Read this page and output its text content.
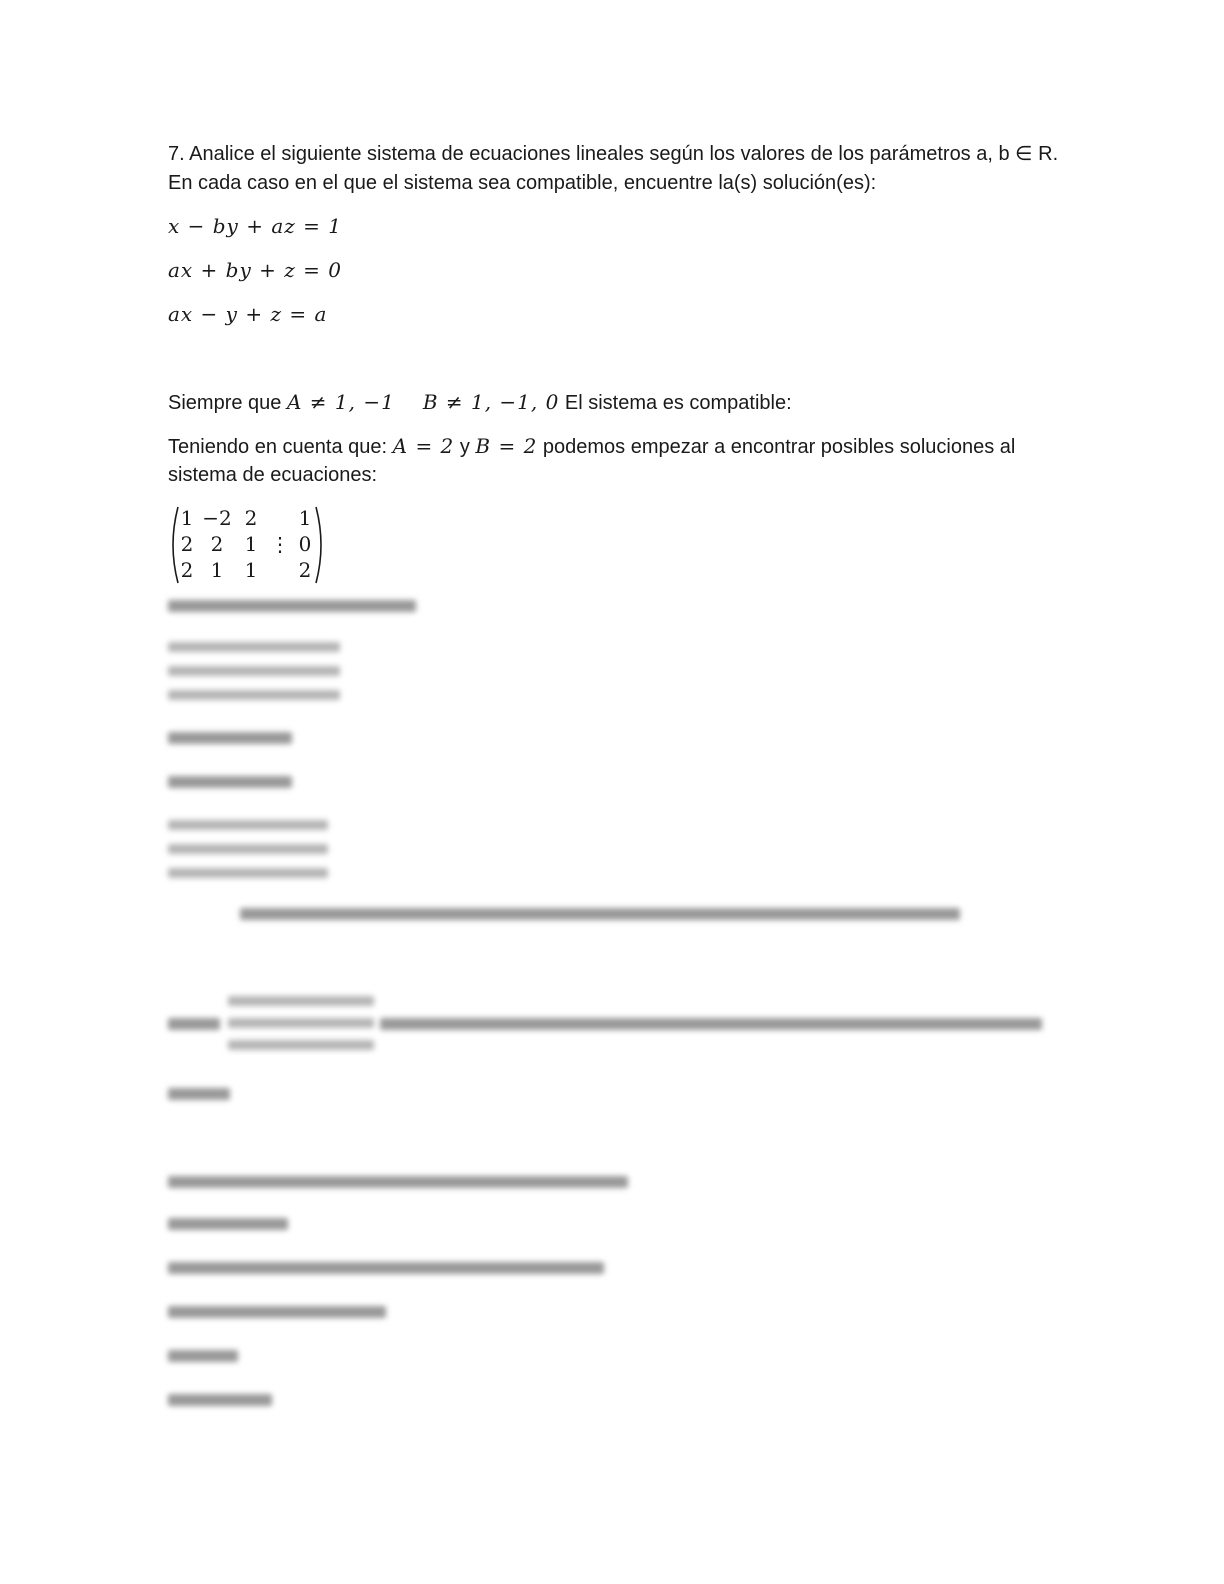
7. Analice el siguiente sistema de ecuaciones lineales según los valores de los parámetros a, b ∈ R.
En cada caso en el que el sistema sea compatible, encuentre la(s) solución(es):
x − by + az = 1
ax + by + z = 0
ax − y + z = a
Siempre que A ≠ 1, −1 B ≠ 1, −1, 0 El sistema es compatible:
Teniendo en cuenta que: A = 2 y B = 2 podemos empezar a encontrar posibles soluciones al
sistema de ecuaciones:
1	−2	2		1
2	2	1	⋮	0
2	1	1		2
